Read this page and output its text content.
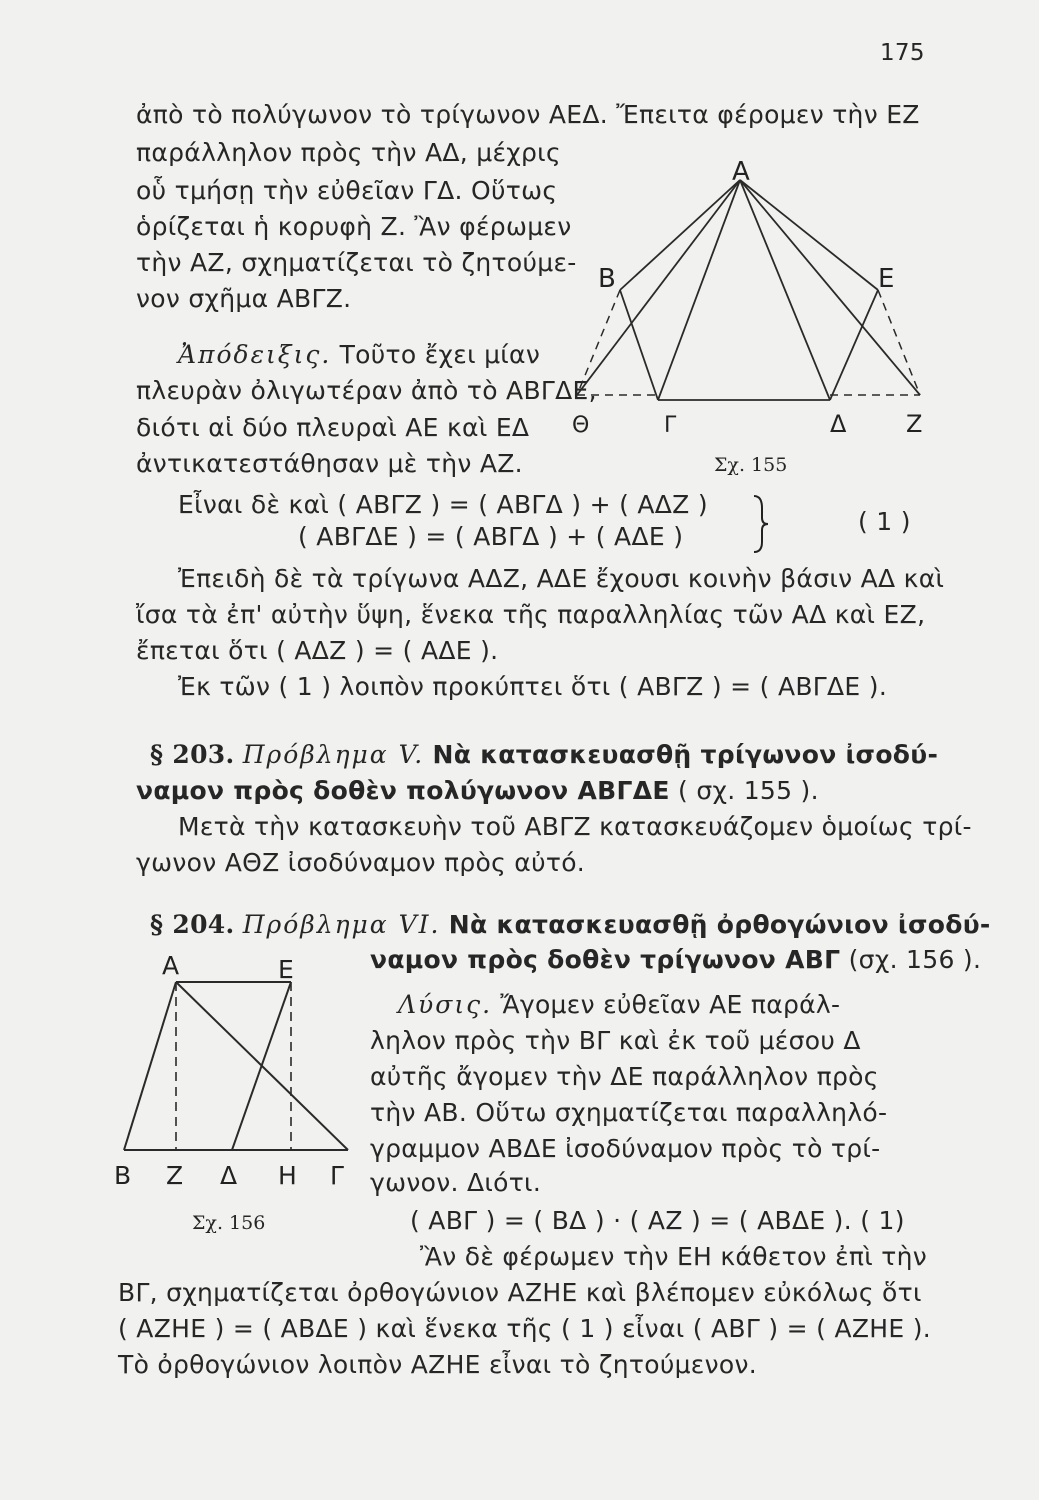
175
ἀπὸ τὸ πολύγωνον τὸ τρίγωνον ΑΕΔ. Ἔπειτα φέρομεν τὴν ΕΖ
παράλληλον πρὸς τὴν ΑΔ, μέχρις
οὗ τμήσῃ τὴν εὐθεῖαν ΓΔ. Οὕτως
ὁρίζεται ἡ κορυφὴ Ζ. Ἂν φέρωμεν
τὴν ΑΖ, σχηματίζεται τὸ ζητούμε-
νον σχῆμα ΑΒΓΖ.
Ἀπόδειξις. Τοῦτο ἔχει μίαν
πλευρὰν ὀλιγωτέραν ἀπὸ τὸ ΑΒΓΔΕ,
διότι αἱ δύο πλευραὶ ΑΕ καὶ ΕΔ
ἀντικατεστάθησαν μὲ τὴν ΑΖ.
Α
Β	Ε
Θ	Γ	Δ Ζ
Σχ. 155
Εἶναι δὲ καὶ ( ΑΒΓΖ ) = ( ΑΒΓΔ ) + ( ΑΔΖ )
( ΑΒΓΔΕ ) = ( ΑΒΓΔ ) + ( ΑΔΕ )
( 1 )
Ἐπειδὴ δὲ τὰ τρίγωνα ΑΔΖ, ΑΔΕ ἔχουσι κοινὴν βάσιν ΑΔ καὶ
ἴσα τὰ ἐπ' αὐτὴν ὕψη, ἕνεκα τῆς παραλληλίας τῶν ΑΔ καὶ ΕΖ,
ἔπεται ὅτι ( ΑΔΖ ) = ( ΑΔΕ ).
Ἐκ τῶν ( 1 ) λοιπὸν προκύπτει ὅτι ( ΑΒΓΖ ) = ( ΑΒΓΔΕ ).
§ 203. Πρόβλημα V. Νὰ κατασκευασθῇ τρίγωνον ἰσοδύ-
ναμον πρὸς δοθὲν πολύγωνον ΑΒΓΔΕ ( σχ. 155 ).
Μετὰ τὴν κατασκευὴν τοῦ ΑΒΓΖ κατασκευάζομεν ὁμοίως τρί-
γωνον ΑΘΖ ἰσοδύναμον πρὸς αὐτό.
§ 204. Πρόβλημα VI. Νὰ κατασκευασθῇ ὀρθογώνιον ἰσοδύ-
ναμον πρὸς δοθὲν τρίγωνον ΑΒΓ (σχ. 156 ).
Λύσις. Ἄγομεν εὐθεῖαν ΑΕ παράλ-
ληλον πρὸς τὴν ΒΓ καὶ ἐκ τοῦ μέσου Δ
αὐτῆς ἄγομεν τὴν ΔΕ παράλληλον πρὸς
τὴν ΑΒ. Οὕτω σχηματίζεται παραλληλό-
γραμμον ΑΒΔΕ ἰσοδύναμον πρὸς τὸ τρί-
γωνον. Διότι.
( ΑΒΓ ) = ( ΒΔ ) · ( ΑΖ ) = ( ΑΒΔΕ ). ( 1)
Ἂν δὲ φέρωμεν τὴν ΕΗ κάθετον ἐπὶ τὴν
ΒΓ, σχηματίζεται ὀρθογώνιον ΑΖΗΕ καὶ βλέπομεν εὐκόλως ὅτι
( ΑΖΗΕ ) = ( ΑΒΔΕ ) καὶ ἕνεκα τῆς ( 1 ) εἶναι ( ΑΒΓ ) = ( ΑΖΗΕ ).
Τὸ ὀρθογώνιον λοιπὸν ΑΖΗΕ εἶναι τὸ ζητούμενον.
Α	Ε
Β Ζ Δ Η Γ
Σχ. 156
